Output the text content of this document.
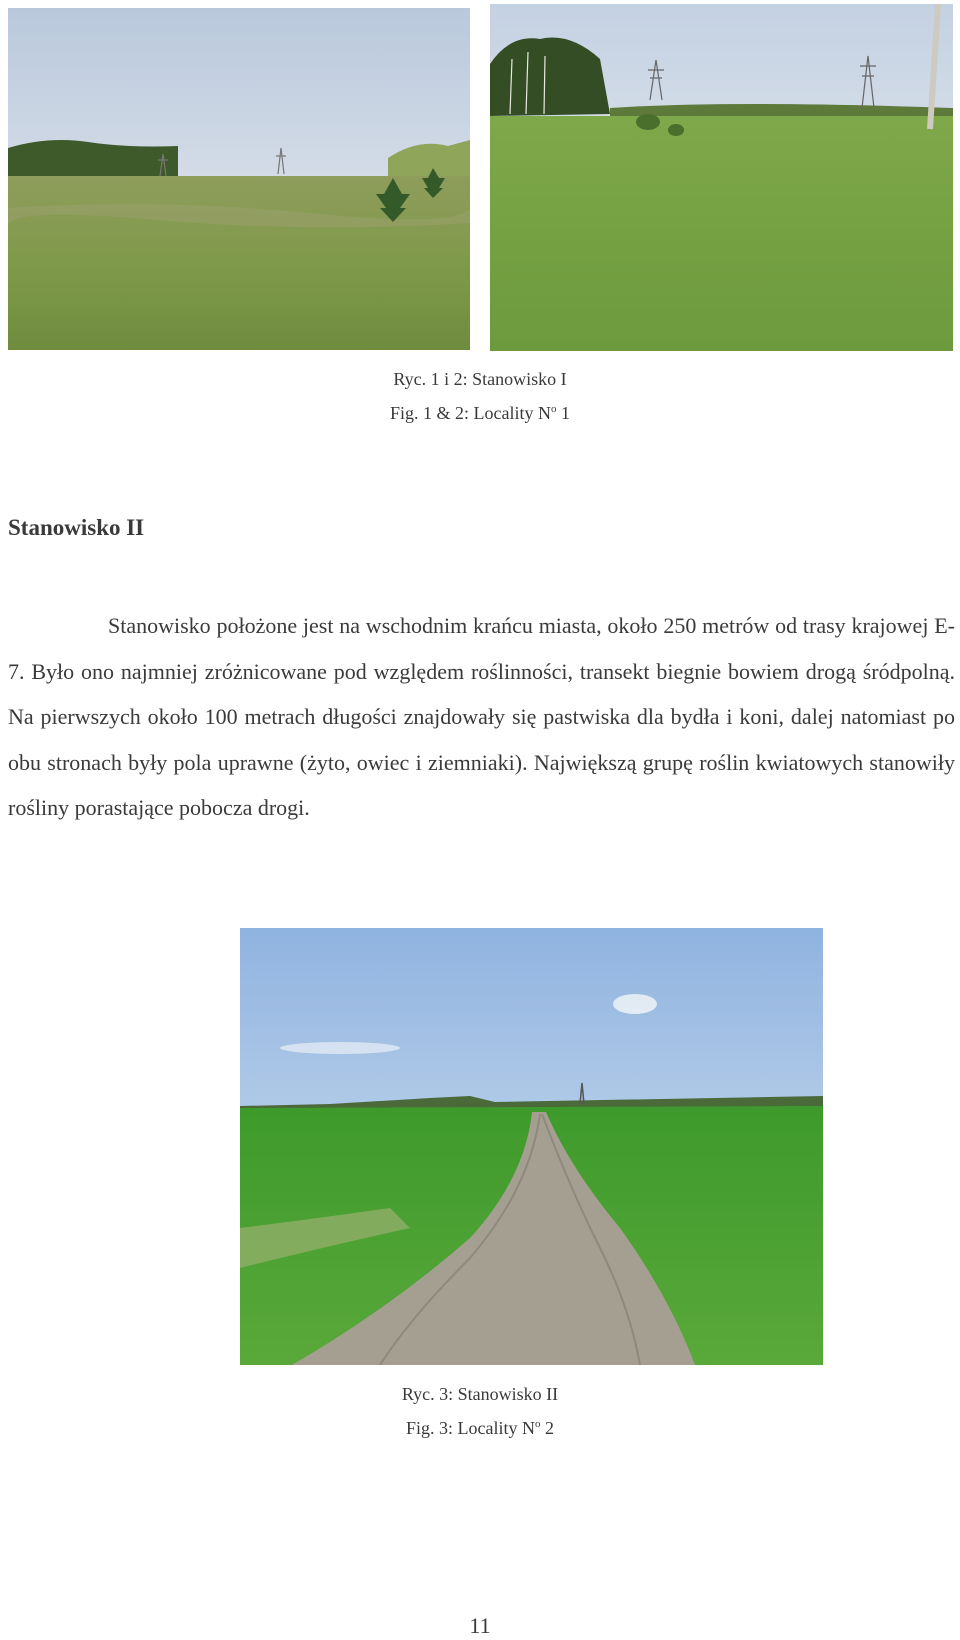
Ryc. 1 i 2: Stanowisko I
Fig. 1 & 2: Locality $N^o$ 1
Stanowisko II

Stanowisko położone jest na wschodnim krańcu miasta, około 250 metrów od trasy krajowej E-7. Było ono najmniej zróżnicowane pod względem roślinności, transekt biegnie bowiem drogą śródpolną. Na pierwszych około 100 metrach długości znajdowały się pastwiska dla bydła i koni, dalej natomiast po obu stronach były pola uprawne (żyto, owiec i ziemniaki). Największą grupę roślin kwiatowych stanowiły rośliny porastające pobocza drogi.

Ryc. 3: Stanowisko II
Fig. 3: Locality $N^o$ 2
11
